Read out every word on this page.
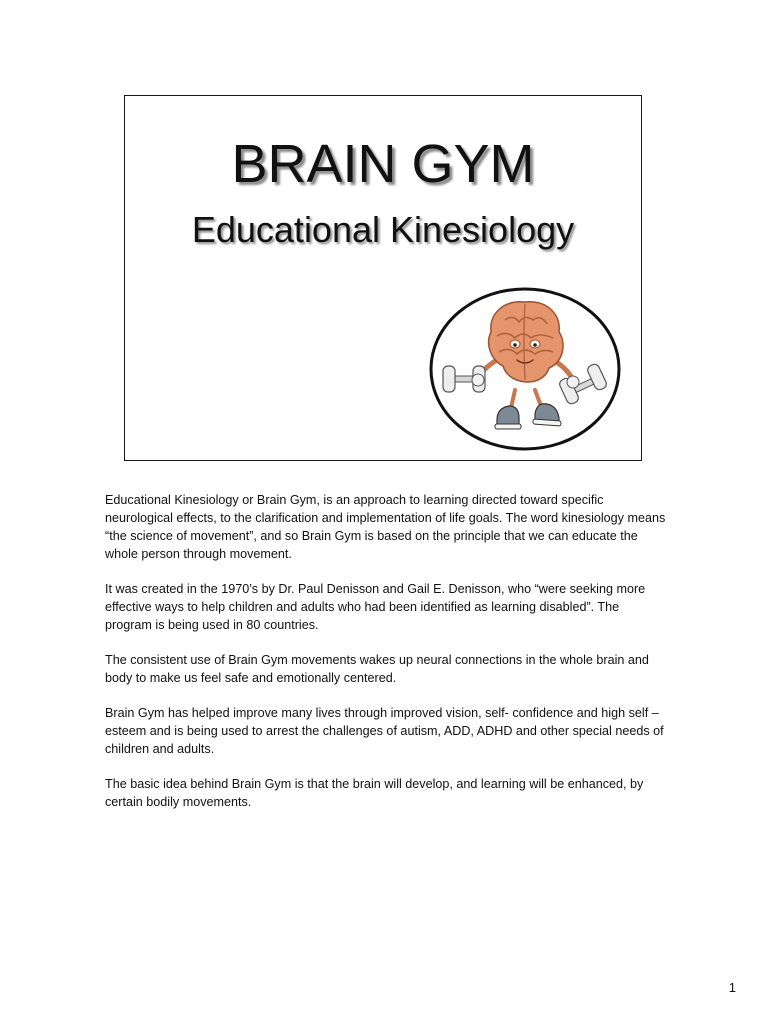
BRAIN GYM
Educational Kinesiology

Educational Kinesiology or Brain Gym, is an approach to learning directed toward specific neurological effects, to the clarification and implementation of life goals. The word kinesiology means “the science of movement”, and so Brain Gym is based on the principle that we can educate the whole person through movement.

It was created in the 1970’s by Dr. Paul Denisson and Gail E. Denisson, who “were seeking more effective ways to help children and adults who had been identified as learning disabled”. The program is being used in 80 countries.

The consistent use of Brain Gym movements wakes up neural connections in the whole brain and body to make us feel safe and emotionally centered.

Brain Gym has helped improve many lives through improved vision, self- confidence and high self – esteem and is being used to arrest the challenges of autism, ADD, ADHD and other special needs of children and adults.

The basic idea behind Brain Gym is that the brain will develop, and learning will be enhanced, by certain bodily movements.

1
